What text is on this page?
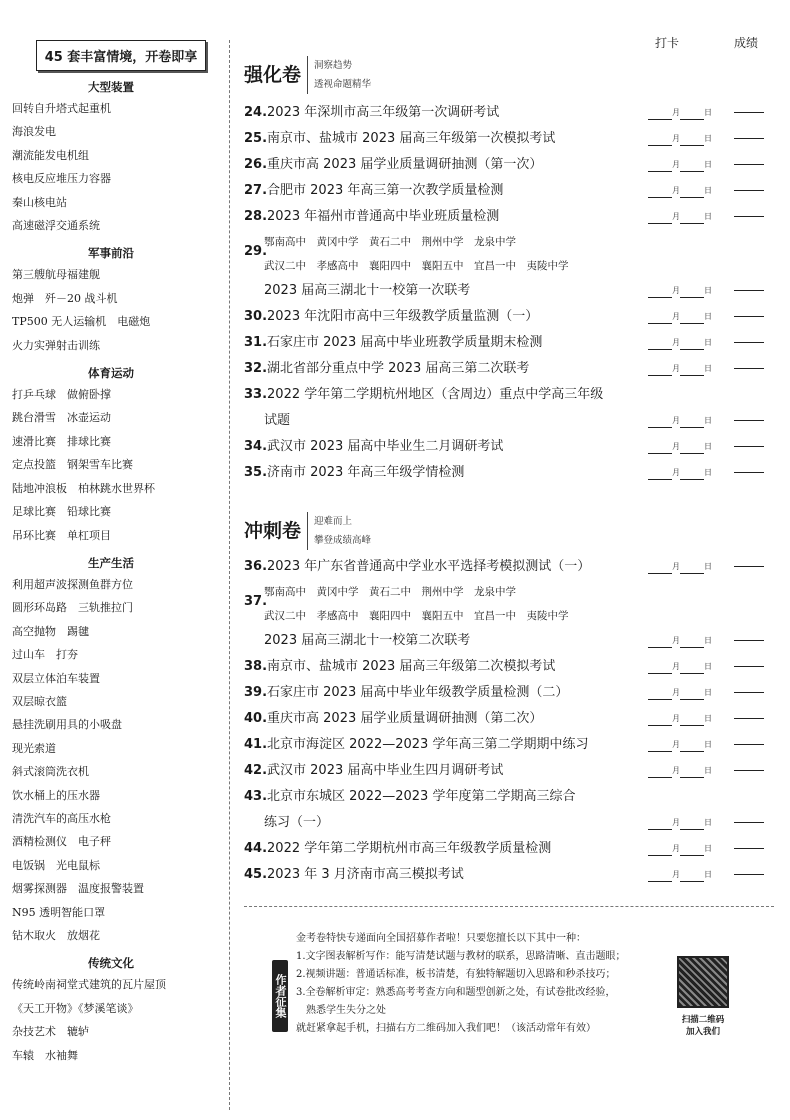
45 套丰富情境，开卷即享
大型装置
回转自升塔式起重机
海浪发电
潮流能发电机组
核电反应堆压力容器
秦山核电站
高速磁浮交通系统
军事前沿
第三艘航母福建舰
炮弹　歼－20 战斗机
TP500 无人运输机　电磁炮
火力实弹射击训练
体育运动
打乒乓球　做俯卧撑
跳台滑雪　冰壶运动
速滑比赛　排球比赛
定点投篮　钢架雪车比赛
陆地冲浪板　柏林跳水世界杯
足球比赛　铅球比赛
吊环比赛　单杠项目
生产生活
利用超声波探测鱼群方位
圆形环岛路　三轨推拉门
高空抛物　踢毽
过山车　打夯
双层立体泊车装置
双层晾衣篮
悬挂洗刷用具的小吸盘
现光索道
斜式滚筒洗衣机
饮水桶上的压水器
清洗汽车的高压水枪
酒精检测仪　电子秤
电饭锅　光电鼠标
烟雾探测器　温度报警装置
N95 透明智能口罩
钻木取火　放烟花
传统文化
传统岭南祠堂式建筑的瓦片屋顶
《天工开物》《梦溪笔谈》
杂技艺术　辘轳
车辕　水袖舞
打卡	成绩
强化卷	洞察趋势
透视命题精华
24.2023 年深圳市高三年级第一次调研考试	月	日
25.南京市、盐城市 2023 届高三年级第一次模拟考试	月	日
26.重庆市高 2023 届学业质量调研抽测（第一次）	月	日
27.合肥市 2023 年高三第一次教学质量检测	月	日
28.2023 年福州市普通高中毕业班质量检测	月	日
29.
鄂南高中　黄冈中学　黄石二中　荆州中学　龙泉中学
武汉二中　孝感高中　襄阳四中　襄阳五中　宜昌一中　夷陵中学
2023 届高三湖北十一校第一次联考	月	日
30.2023 年沈阳市高中三年级教学质量监测（一）	月	日
31.石家庄市 2023 届高中毕业班教学质量期末检测	月	日
32.湖北省部分重点中学 2023 届高三第二次联考	月	日
33.2022 学年第二学期杭州地区（含周边）重点中学高三年级
试题	月	日
34.武汉市 2023 届高中毕业生二月调研考试	月	日
35.济南市 2023 年高三年级学情检测	月	日
冲刺卷	迎难而上
攀登成绩高峰
36.2023 年广东省普通高中学业水平选择考模拟测试（一）	月	日
37.
鄂南高中　黄冈中学　黄石二中　荆州中学　龙泉中学
武汉二中　孝感高中　襄阳四中　襄阳五中　宜昌一中　夷陵中学
2023 届高三湖北十一校第二次联考	月	日
38.南京市、盐城市 2023 届高三年级第二次模拟考试	月	日
39.石家庄市 2023 届高中毕业年级教学质量检测（二）	月	日
40.重庆市高 2023 届学业质量调研抽测（第二次）	月	日
41.北京市海淀区 2022—2023 学年高三第二学期期中练习	月	日
42.武汉市 2023 届高中毕业生四月调研考试	月	日
43.北京市东城区 2022—2023 学年度第二学期高三综合
练习（一）	月	日
44.2022 学年第二学期杭州市高三年级教学质量检测	月	日
45.2023 年 3 月济南市高三模拟考试	月	日
作者征集
金考卷特快专递面向全国招募作者啦！只要您擅长以下其中一种：
1.文字图表解析写作：能写清楚试题与教材的联系，思路清晰、直击题眼；
2.视频讲题：普通话标准，板书清楚，有独特解题切入思路和秒杀技巧；
3.全卷解析审定：熟悉高考考查方向和题型创新之处，有试卷批改经验，
熟悉学生失分之处
就赶紧拿起手机，扫描右方二维码加入我们吧！（该活动常年有效）
扫描二维码
加入我们
